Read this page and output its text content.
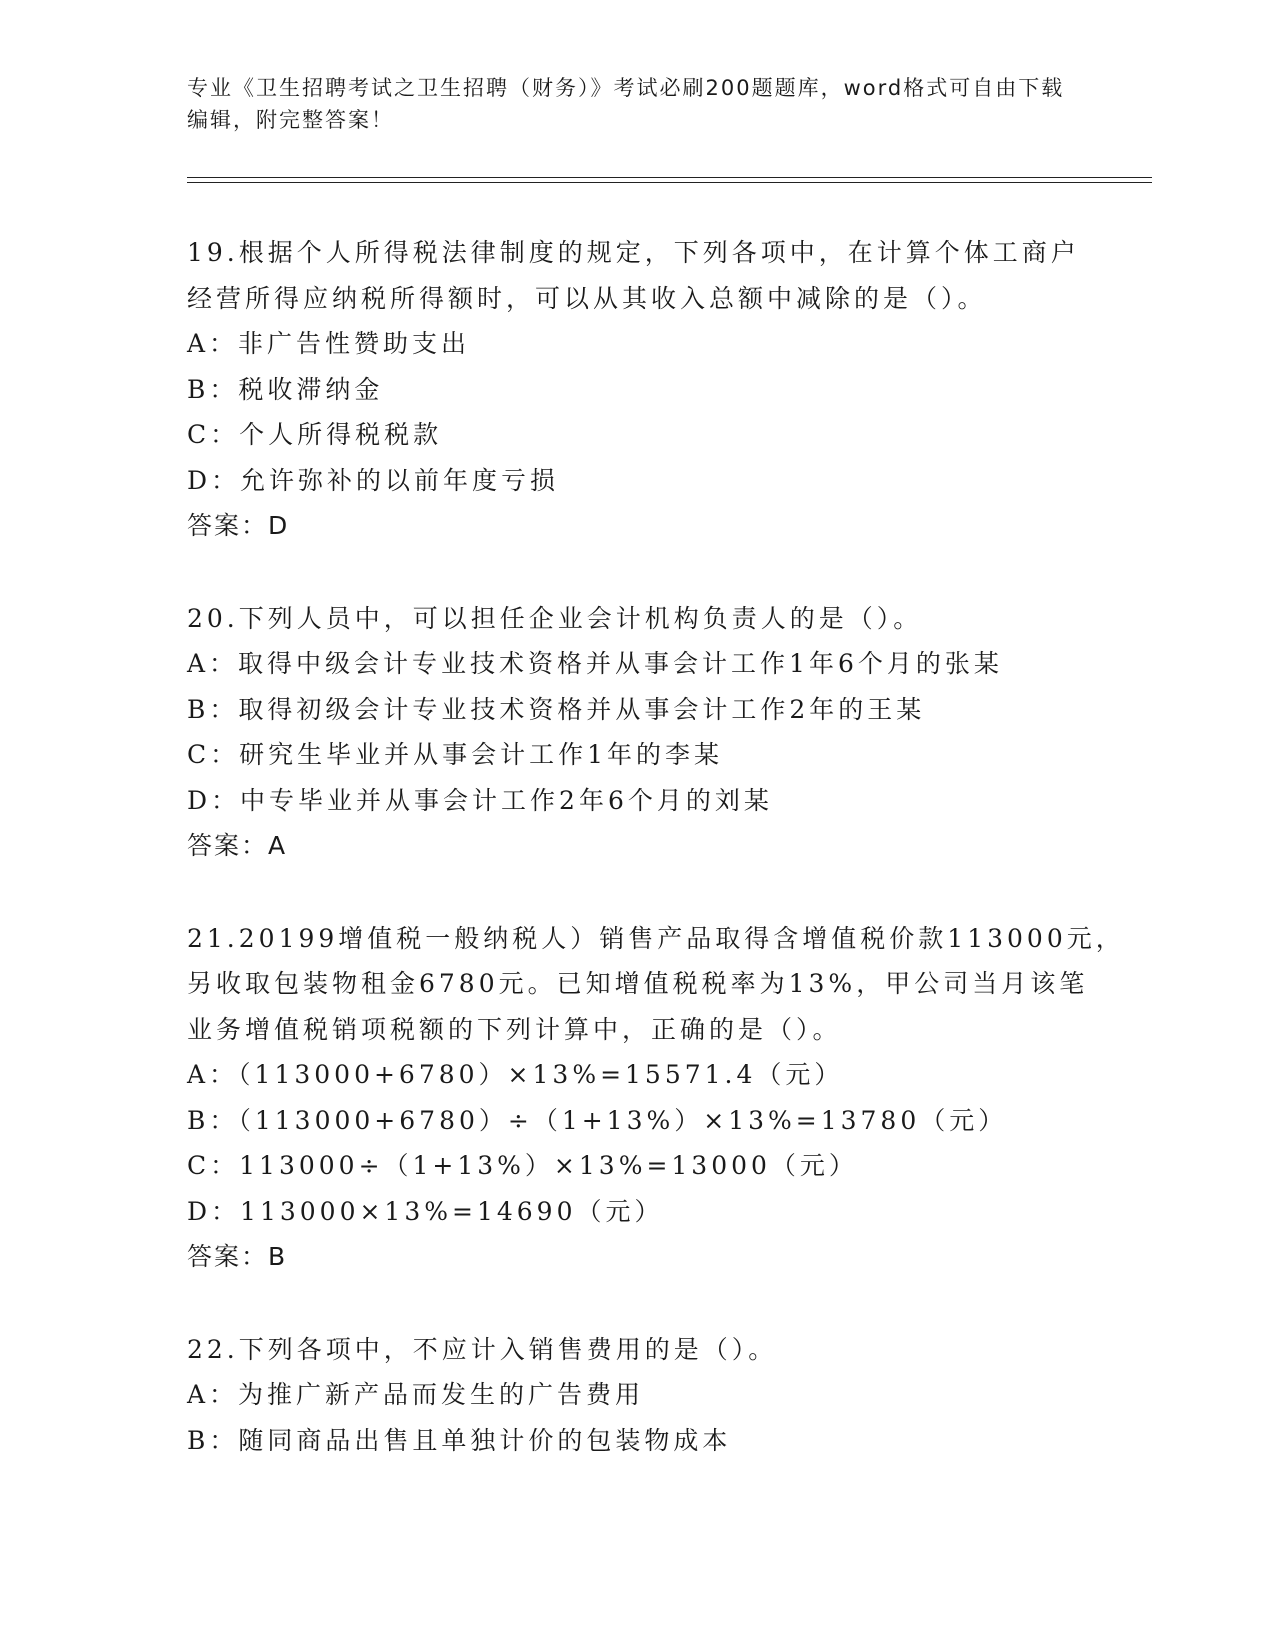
专业《卫生招聘考试之卫生招聘（财务）》考试必刷200题题库，word格式可自由下载编辑，附完整答案！
19.根据个人所得税法律制度的规定，下列各项中，在计算个体工商户
经营所得应纳税所得额时，可以从其收入总额中减除的是（）。
A：非广告性赞助支出
B：税收滞纳金
C：个人所得税税款
D：允许弥补的以前年度亏损
答案：D
20.下列人员中，可以担任企业会计机构负责人的是（）。
A：取得中级会计专业技术资格并从事会计工作1年6个月的张某
B：取得初级会计专业技术资格并从事会计工作2年的王某
C：研究生毕业并从事会计工作1年的李某
D：中专毕业并从事会计工作2年6个月的刘某
答案：A
21.20199增值税一般纳税人）销售产品取得含增值税价款113000元，
另收取包装物租金6780元。已知增值税税率为13%，甲公司当月该笔
业务增值税销项税额的下列计算中，正确的是（）。
A：（113000+6780）×13%=15571.4（元）
B：（113000+6780）÷（1+13%）×13%=13780（元）
C：113000÷（1+13%）×13%=13000（元）
D：113000×13%=14690（元）
答案：B
22.下列各项中，不应计入销售费用的是（）。
A：为推广新产品而发生的广告费用
B：随同商品出售且单独计价的包装物成本
